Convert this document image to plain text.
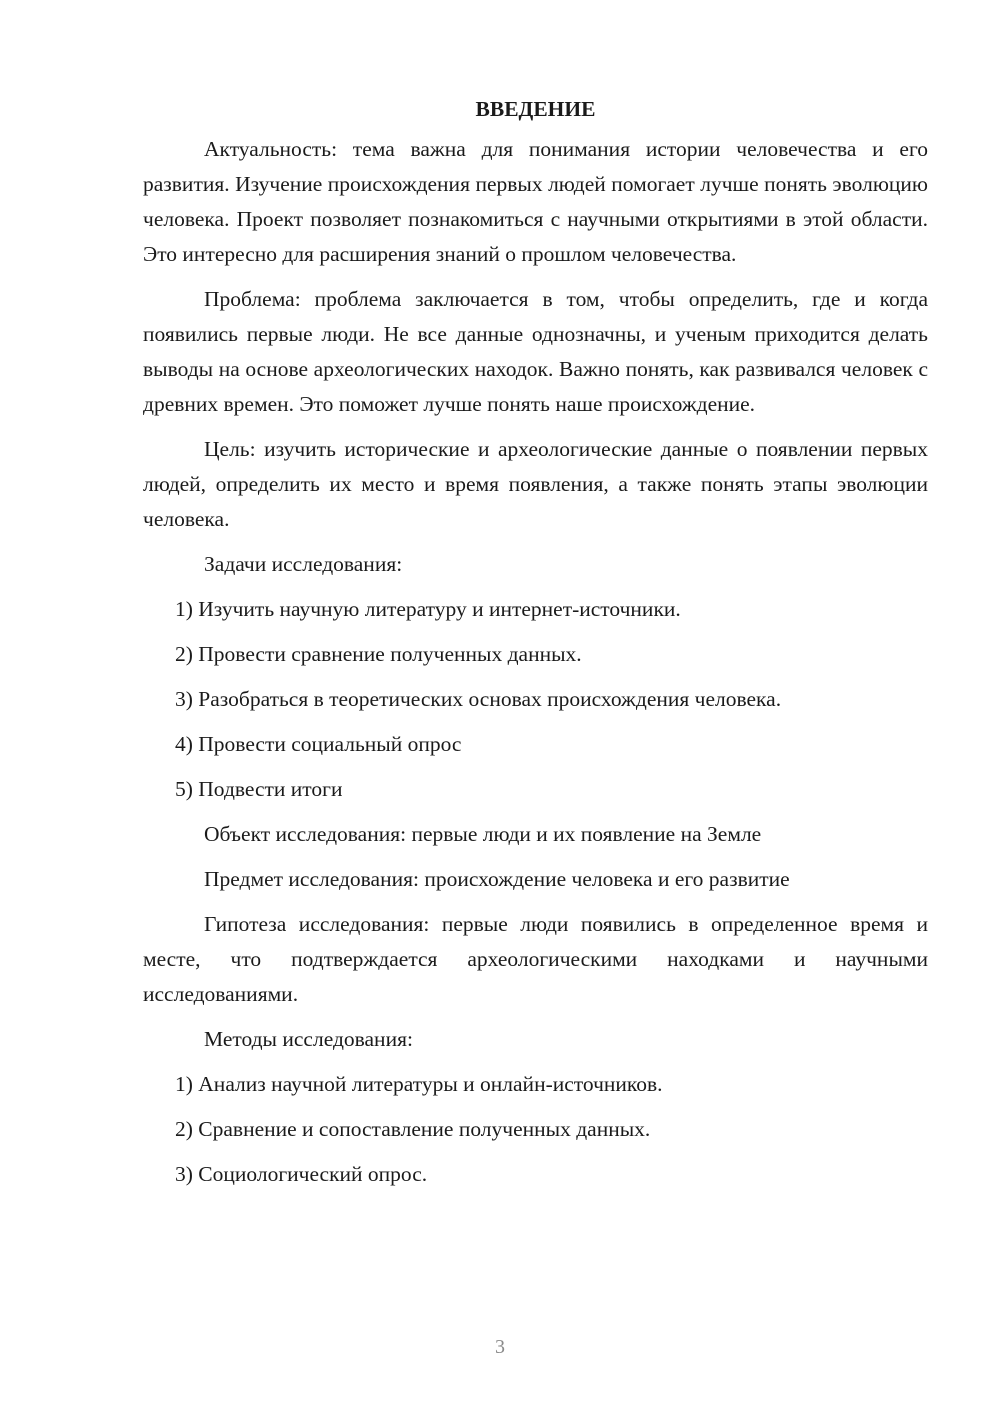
ВВЕДЕНИЕ

Актуальность: тема важна для понимания истории человечества и его развития. Изучение происхождения первых людей помогает лучше понять эволюцию человека. Проект позволяет познакомиться с научными открытиями в этой области. Это интересно для расширения знаний о прошлом человечества.

Проблема: проблема заключается в том, чтобы определить, где и когда появились первые люди. Не все данные однозначны, и ученым приходится делать выводы на основе археологических находок. Важно понять, как развивался человек с древних времен. Это поможет лучше понять наше происхождение.

Цель: изучить исторические и археологические данные о появлении первых людей, определить их место и время появления, а также понять этапы эволюции человека.

Задачи исследования:

1) Изучить научную литературу и интернет-источники.

2) Провести сравнение полученных данных.

3) Разобраться в теоретических основах происхождения человека.

4) Провести социальный опрос

5) Подвести итоги

Объект исследования: первые люди и их появление на Земле

Предмет исследования: происхождение человека и его развитие

Гипотеза исследования: первые люди появились в определенное время и месте, что подтверждается археологическими находками и научными исследованиями.

Методы исследования:

1) Анализ научной литературы и онлайн-источников.

2) Сравнение и сопоставление полученных данных.

3) Социологический опрос.

3
